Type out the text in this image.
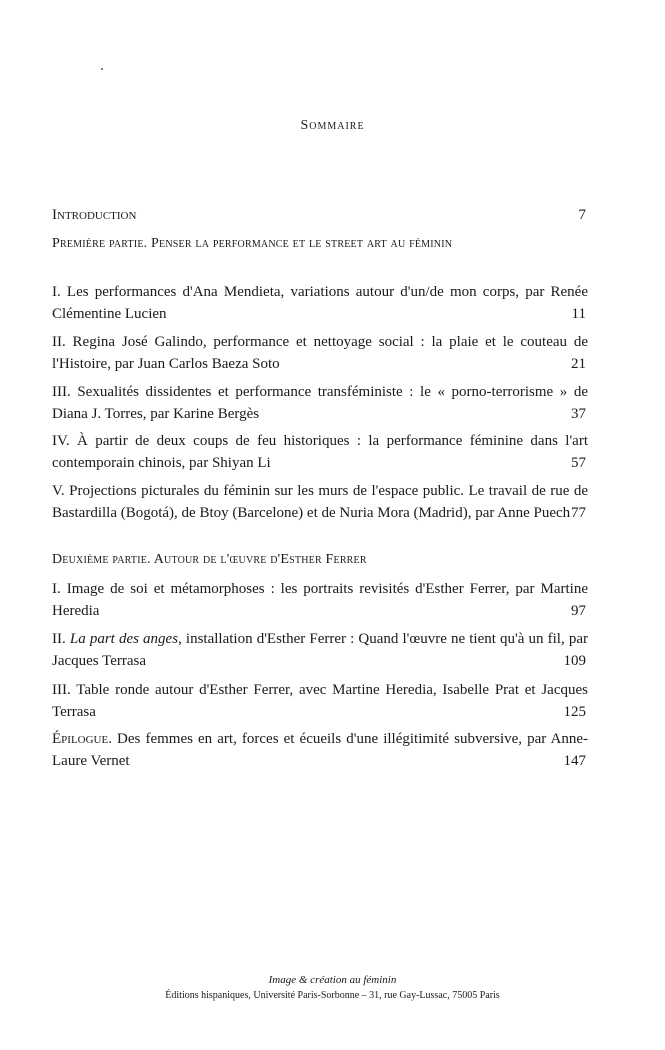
Sommaire
Introduction	7
Première partie. Penser la performance et le street art au féminin
I. Les performances d'Ana Mendieta, variations autour d'un/de mon corps, par Renée Clémentine Lucien	11
II. Regina José Galindo, performance et nettoyage social : la plaie et le couteau de l'Histoire, par Juan Carlos Baeza Soto	21
III. Sexualités dissidentes et performance transféministe : le « porno-terrorisme » de Diana J. Torres, par Karine Bergès	37
IV. À partir de deux coups de feu historiques : la performance féminine dans l'art contemporain chinois, par Shiyan Li	57
V. Projections picturales du féminin sur les murs de l'espace public. Le travail de rue de Bastardilla (Bogotá), de Btoy (Barcelone) et de Nuria Mora (Madrid), par Anne Puech 77
Deuxième partie. Autour de l'œuvre d'Esther Ferrer
I. Image de soi et métamorphoses : les portraits revisités d'Esther Ferrer, par Martine Heredia	97
II. La part des anges, installation d'Esther Ferrer : Quand l'œuvre ne tient qu'à un fil, par Jacques Terrasa	109
III. Table ronde autour d'Esther Ferrer, avec Martine Heredia, Isabelle Prat et Jacques Terrasa	125
Épilogue. Des femmes en art, forces et écueils d'une illégitimité subversive, par Anne-Laure Vernet	147
Image & création au féminin
Éditions hispaniques, Université Paris-Sorbonne – 31, rue Gay-Lussac, 75005 Paris
